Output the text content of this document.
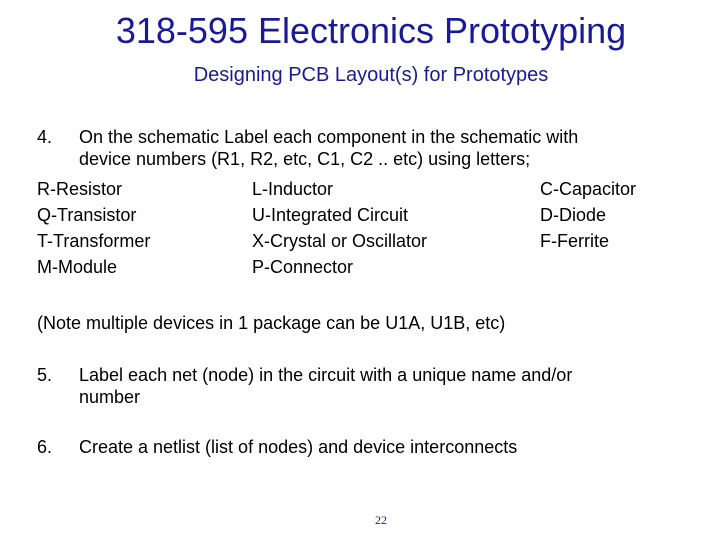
318-595 Electronics Prototyping
Designing PCB Layout(s) for Prototypes
4. On the schematic Label each component in the schematic with
device numbers (R1, R2, etc, C1, C2 .. etc) using letters;
R-Resistor	L-Inductor	C-Capacitor
Q-Transistor	U-Integrated Circuit	D-Diode
T-Transformer	X-Crystal or Oscillator	F-Ferrite
M-Module	P-Connector
(Note multiple devices in 1 package can be U1A, U1B, etc)
5. Label each net (node) in the circuit with a unique name and/or
number
6. Create a netlist (list of nodes) and device interconnects
22
